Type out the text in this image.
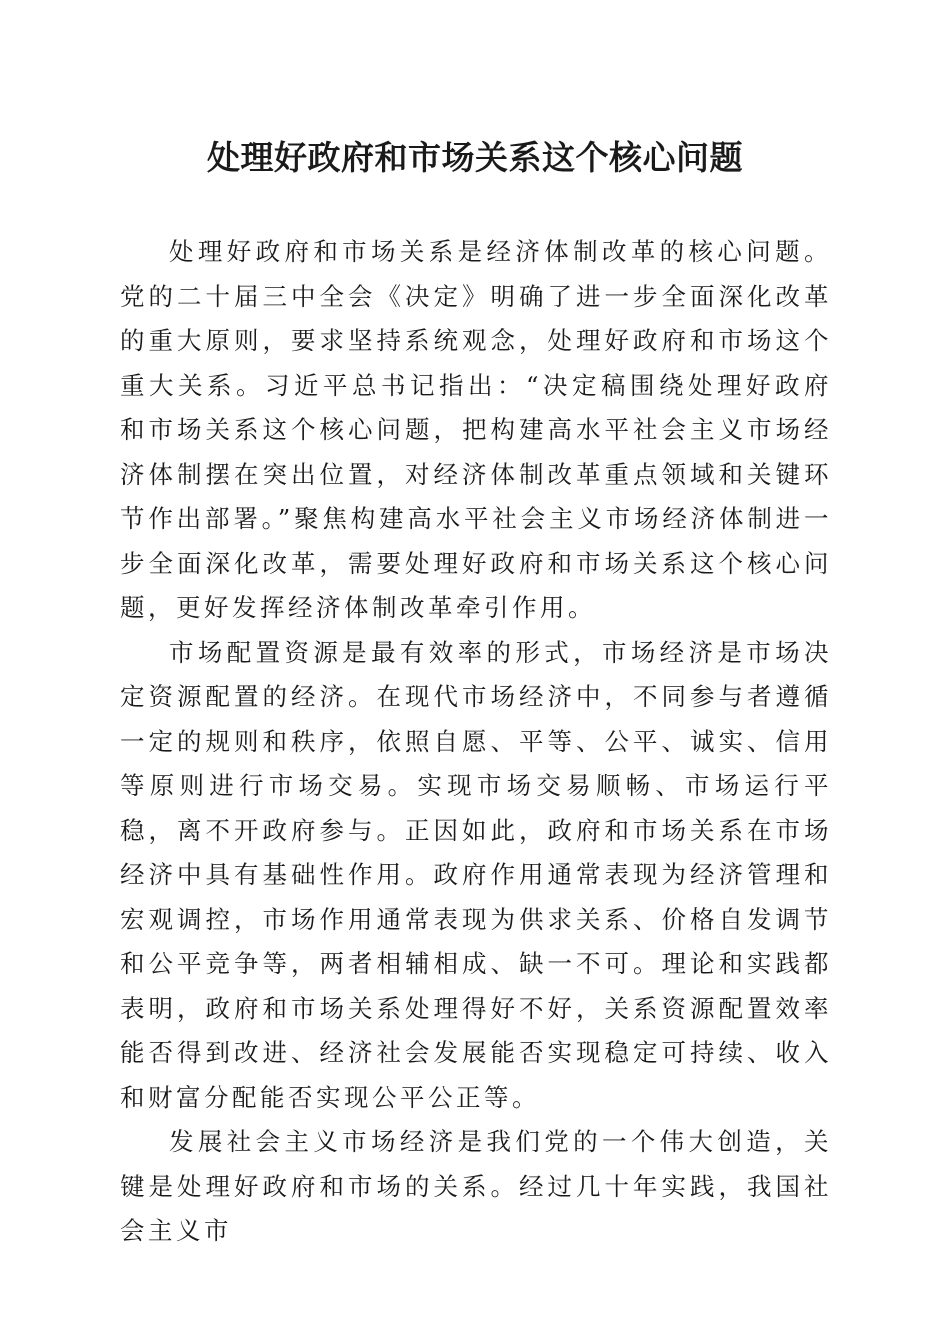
处理好政府和市场关系这个核心问题

处理好政府和市场关系是经济体制改革的核心问题。党的二十届三中全会《决定》明确了进一步全面深化改革的重大原则，要求坚持系统观念，处理好政府和市场这个重大关系。习近平总书记指出：“决定稿围绕处理好政府和市场关系这个核心问题，把构建高水平社会主义市场经济体制摆在突出位置，对经济体制改革重点领域和关键环节作出部署。”聚焦构建高水平社会主义市场经济体制进一步全面深化改革，需要处理好政府和市场关系这个核心问题，更好发挥经济体制改革牵引作用。

市场配置资源是最有效率的形式，市场经济是市场决定资源配置的经济。在现代市场经济中，不同参与者遵循一定的规则和秩序，依照自愿、平等、公平、诚实、信用等原则进行市场交易。实现市场交易顺畅、市场运行平稳，离不开政府参与。正因如此，政府和市场关系在市场经济中具有基础性作用。政府作用通常表现为经济管理和宏观调控，市场作用通常表现为供求关系、价格自发调节和公平竞争等，两者相辅相成、缺一不可。理论和实践都表明，政府和市场关系处理得好不好，关系资源配置效率能否得到改进、经济社会发展能否实现稳定可持续、收入和财富分配能否实现公平公正等。

发展社会主义市场经济是我们党的一个伟大创造，关键是处理好政府和市场的关系。经过几十年实践，我国社会主义市
